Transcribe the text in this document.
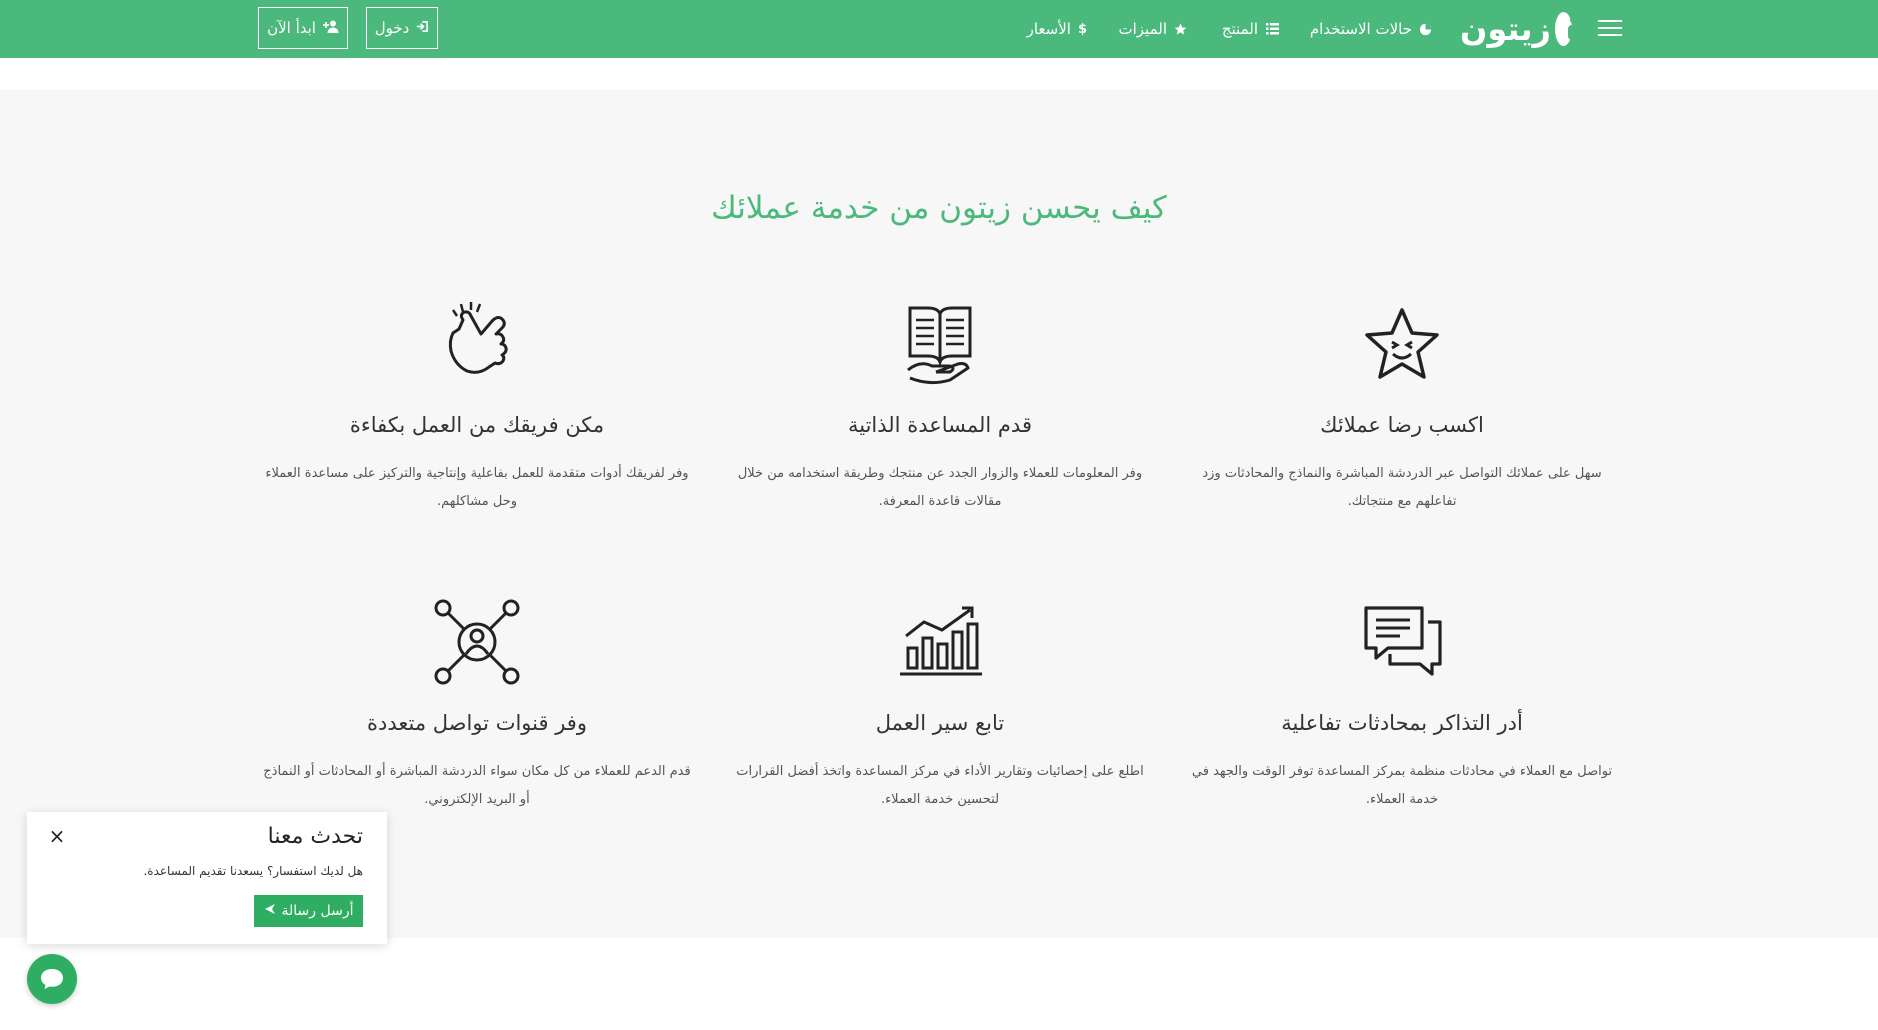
زيتون
حالات الاستخدام
المنتج
الميزات
$
الأسعار
دخول
ابدأ الآن
كيف يحسن زيتون من خدمة عملائك
اكسب رضا عملائك

سهل على عملائك التواصل عبر الدردشة المباشرة والنماذج والمحادثات وزد تفاعلهم مع منتجاتك.

قدم المساعدة الذاتية

وفر المعلومات للعملاء والزوار الجدد عن منتجك وطريقة استخدامه من خلال مقالات قاعدة المعرفة.

مكن فريقك من العمل بكفاءة

وفر لفريقك أدوات متقدمة للعمل بفاعلية وإنتاجية والتركيز على مساعدة العملاء وحل مشاكلهم.

أدر التذاكر بمحادثات تفاعلية

تواصل مع العملاء في محادثات منظمة بمركز المساعدة توفر الوقت والجهد في خدمة العملاء.

تابع سير العمل

اطلع على إحصائيات وتقارير الأداء في مركز المساعدة واتخذ أفضل القرارات لتحسين خدمة العملاء.

وفر قنوات تواصل متعددة

قدم الدعم للعملاء من كل مكان سواء الدردشة المباشرة أو المحادثات أو النماذج أو البريد الإلكتروني.

×	تحدث معنا
هل لديك استفسار؟ يسعدنا تقديم المساعدة.
أرسل رسالة
